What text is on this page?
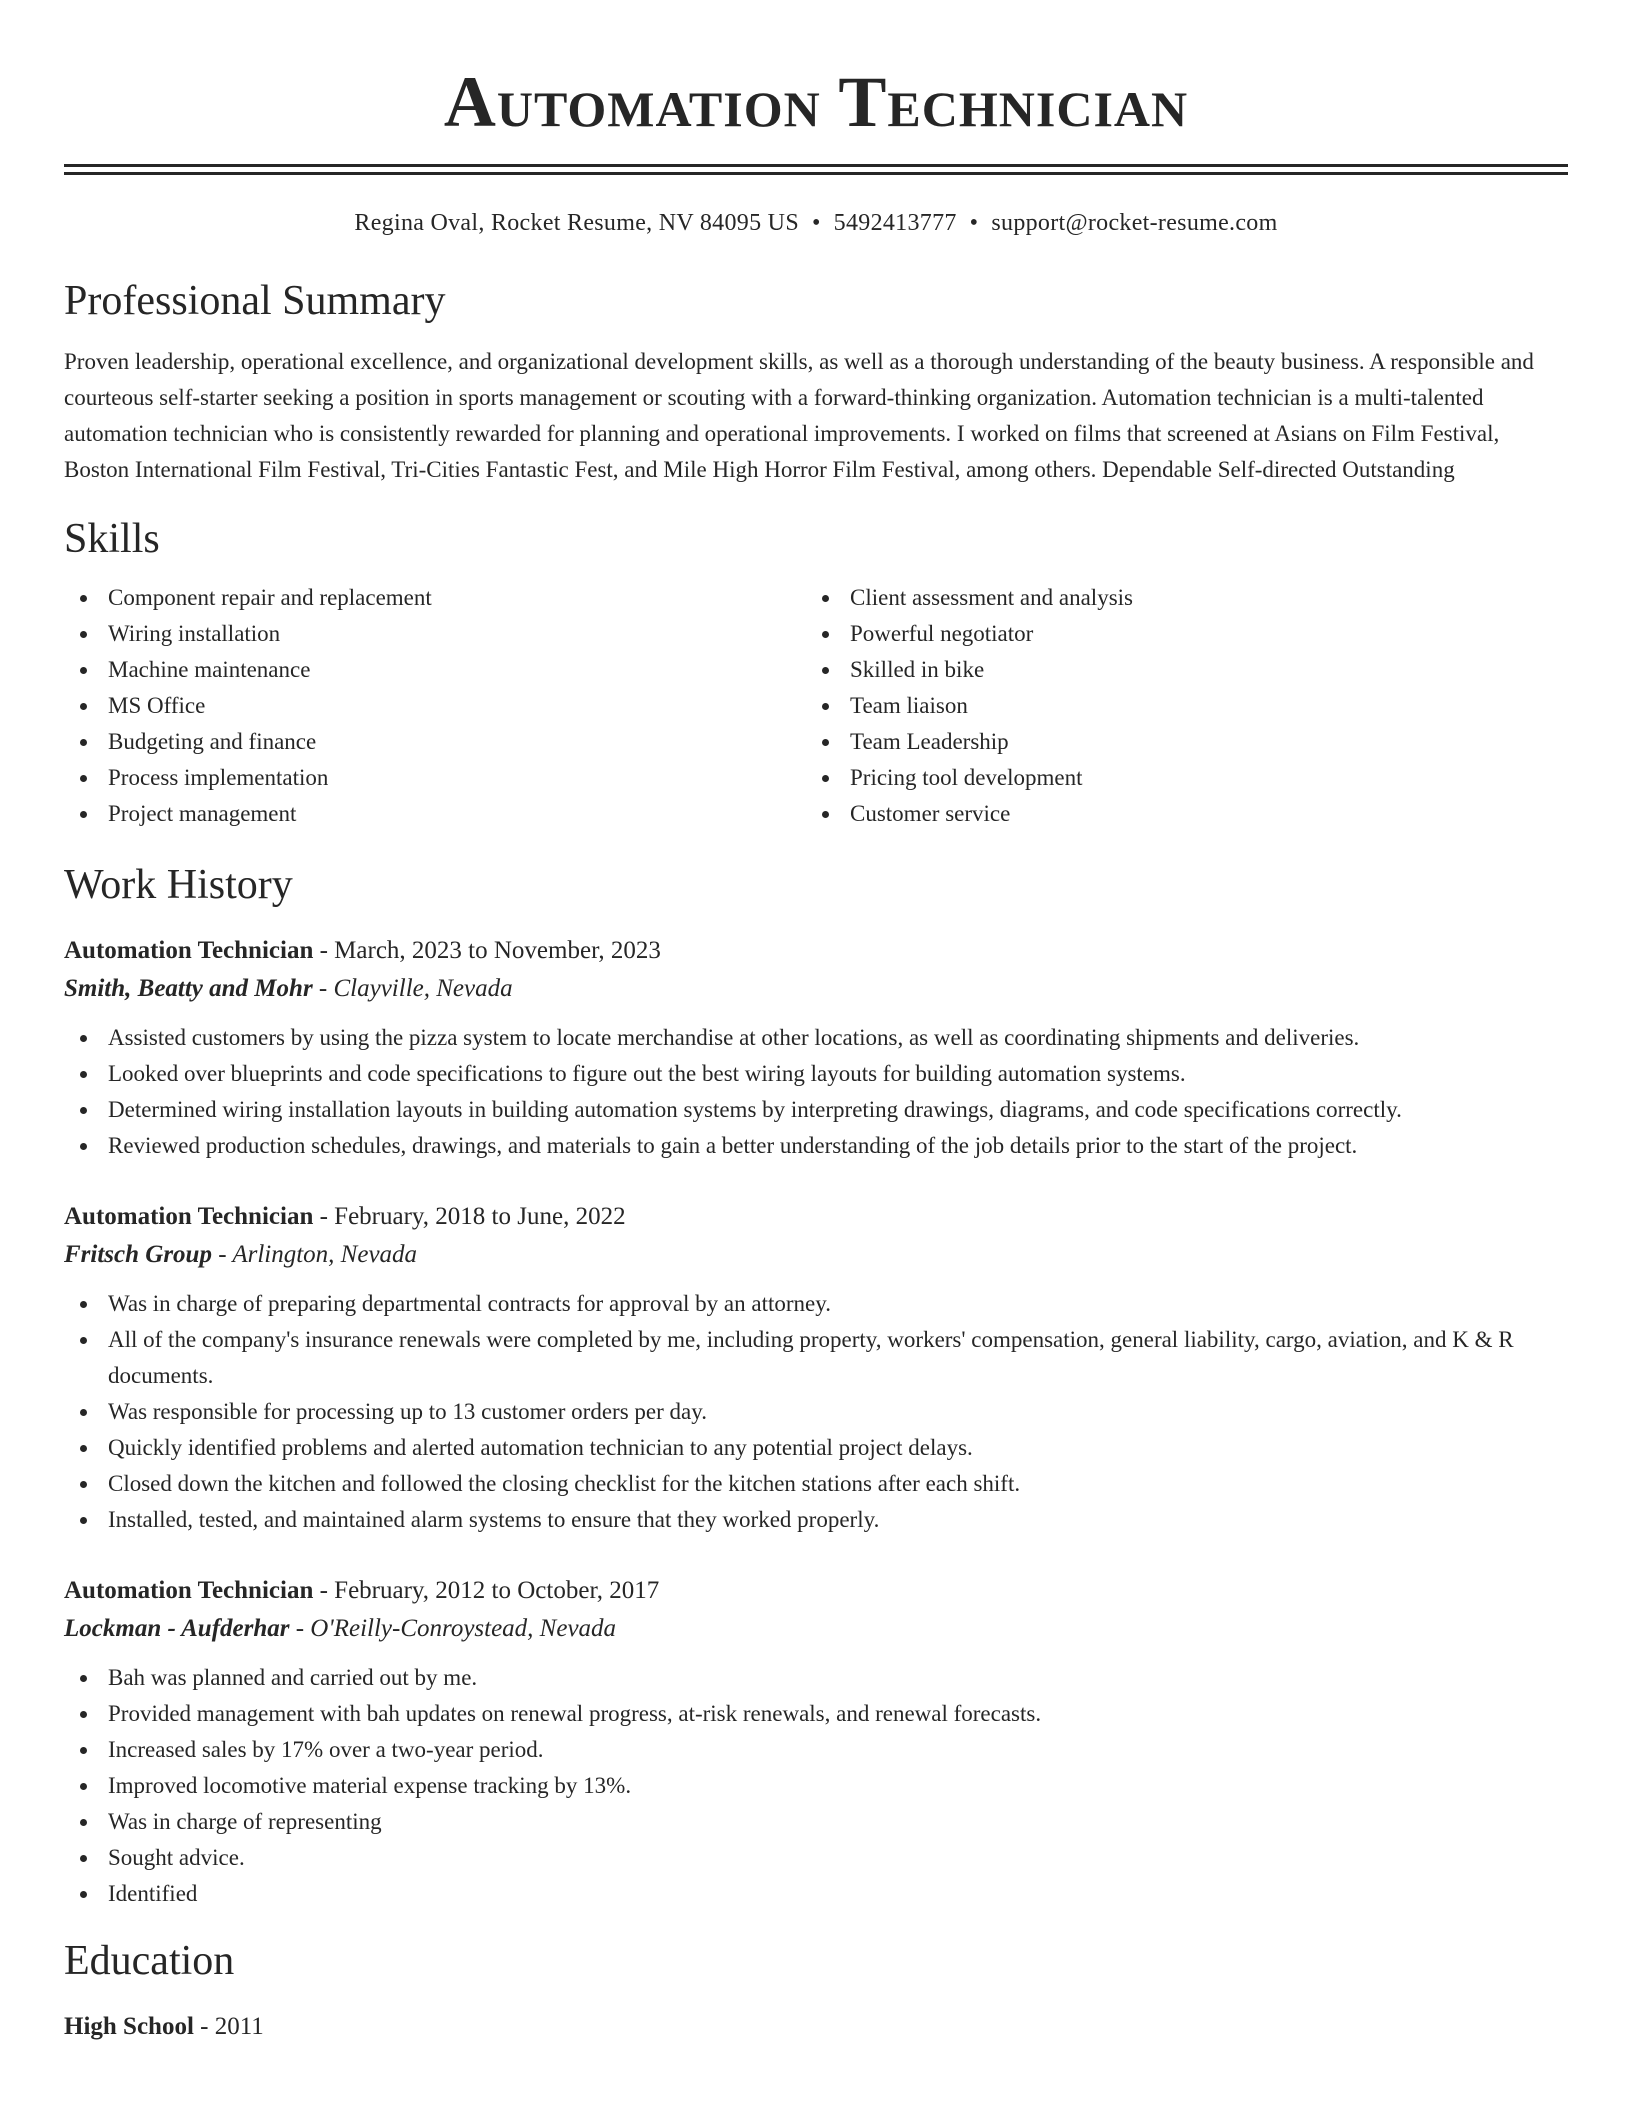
Automation Technician
Regina Oval, Rocket Resume, NV 84095 US • 5492413777 • support@rocket-resume.com
Professional Summary
Proven leadership, operational excellence, and organizational development skills, as well as a thorough understanding of the beauty business. A responsible and courteous self-starter seeking a position in sports management or scouting with a forward-thinking organization. Automation technician is a multi-talented automation technician who is consistently rewarded for planning and operational improvements. I worked on films that screened at Asians on Film Festival, Boston International Film Festival, Tri-Cities Fantastic Fest, and Mile High Horror Film Festival, among others. Dependable Self-directed Outstanding
Skills
Component repair and replacement
Wiring installation
Machine maintenance
MS Office
Budgeting and finance
Process implementation
Project management
Client assessment and analysis
Powerful negotiator
Skilled in bike
Team liaison
Team Leadership
Pricing tool development
Customer service
Work History
Automation Technician - March, 2023 to November, 2023
Smith, Beatty and Mohr - Clayville, Nevada
Assisted customers by using the pizza system to locate merchandise at other locations, as well as coordinating shipments and deliveries.
Looked over blueprints and code specifications to figure out the best wiring layouts for building automation systems.
Determined wiring installation layouts in building automation systems by interpreting drawings, diagrams, and code specifications correctly.
Reviewed production schedules, drawings, and materials to gain a better understanding of the job details prior to the start of the project.
Automation Technician - February, 2018 to June, 2022
Fritsch Group - Arlington, Nevada
Was in charge of preparing departmental contracts for approval by an attorney.
All of the company's insurance renewals were completed by me, including property, workers' compensation, general liability, cargo, aviation, and K & R documents.
Was responsible for processing up to 13 customer orders per day.
Quickly identified problems and alerted automation technician to any potential project delays.
Closed down the kitchen and followed the closing checklist for the kitchen stations after each shift.
Installed, tested, and maintained alarm systems to ensure that they worked properly.
Automation Technician - February, 2012 to October, 2017
Lockman - Aufderhar - O'Reilly-Conroystead, Nevada
Bah was planned and carried out by me.
Provided management with bah updates on renewal progress, at-risk renewals, and renewal forecasts.
Increased sales by 17% over a two-year period.
Improved locomotive material expense tracking by 13%.
Was in charge of representing
Sought advice.
Identified
Education
High School - 2011
